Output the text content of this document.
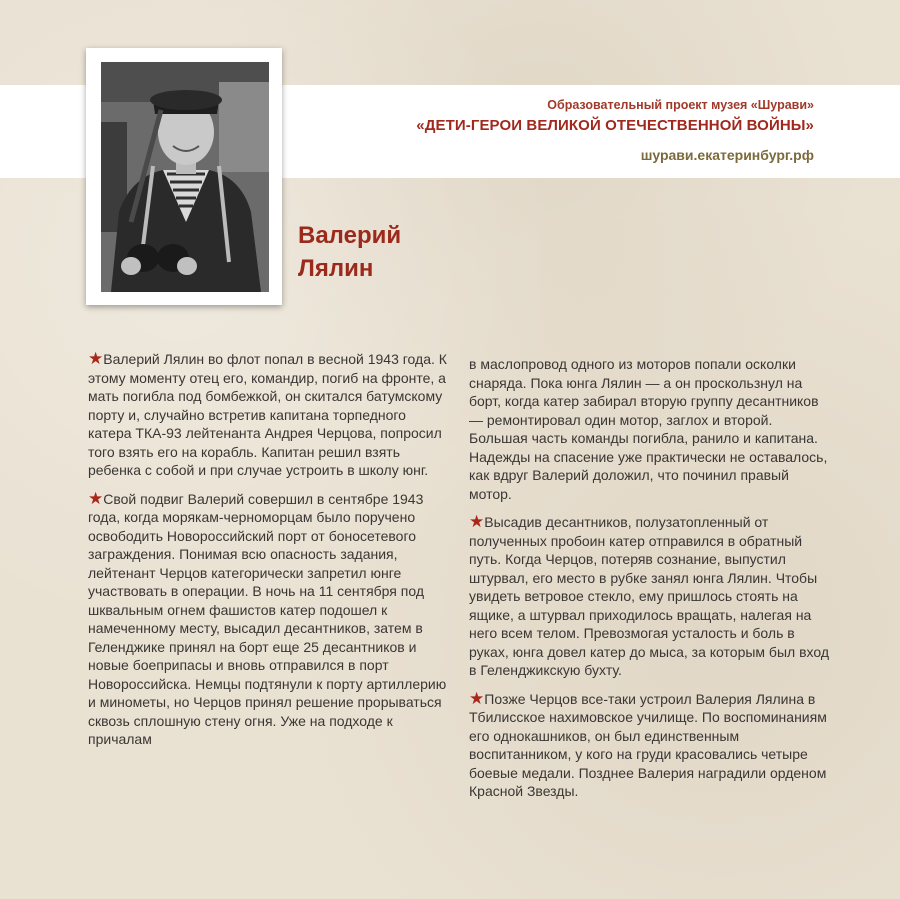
Образовательный проект музея «Шурави»
«ДЕТИ-ГЕРОИ ВЕЛИКОЙ ОТЕЧЕСТВЕННОЙ ВОЙНЫ»
шурави.екатеринбург.рф
Валерий
Лялин

★Валерий Лялин во флот попал в весной 1943 года. К этому моменту отец его, командир, погиб на фронте, а мать погибла под бомбежкой, он скитался батумскому порту и, случайно встретив капитана торпедного катера ТКА-93 лейтенанта Андрея Черцова, попросил того взять его на корабль. Капитан решил взять ребенка с собой и при случае устроить в школу юнг.

★Свой подвиг Валерий совершил в сентябре 1943 года, когда морякам-черноморцам было поручено освободить Новороссийский порт от боносетевого заграждения. Понимая всю опасность задания, лейтенант Черцов категорически запретил юнге участвовать в операции. В ночь на 11 сентября под шквальным огнем фашистов катер подошел к намеченному месту, высадил десантников, затем в Геленджике принял на борт еще 25 десантников и новые боеприпасы и вновь отправился в порт Новороссийска. Немцы подтянули к порту артиллерию и минометы, но Черцов принял решение прорываться сквозь сплошную стену огня. Уже на подходе к причалам

в маслопровод одного из моторов попали осколки снаряда. Пока юнга Лялин — а он проскользнул на борт, когда катер забирал вторую группу десантников — ремонтировал один мотор, заглох и второй. Большая часть команды погибла, ранило и капитана. Надежды на спасение уже практически не оставалось, как вдруг Валерий доложил, что починил правый мотор.

★Высадив десантников, полузатопленный от полученных пробоин катер отправился в обратный путь. Когда Черцов, потеряв сознание, выпустил штурвал, его место в рубке занял юнга Лялин. Чтобы увидеть ветровое стекло, ему пришлось стоять на ящике, а штурвал приходилось вращать, налегая на него всем телом. Превозмогая усталость и боль в руках, юнга довел катер до мыса, за которым был вход в Геленджикскую бухту.

★Позже Черцов все-таки устроил Валерия Лялина в Тбилисское нахимовское училище. По воспоминаниям его однокашников, он был единственным воспитанником, у кого на груди красовались четыре боевые медали. Позднее Валерия наградили орденом Красной Звезды.
